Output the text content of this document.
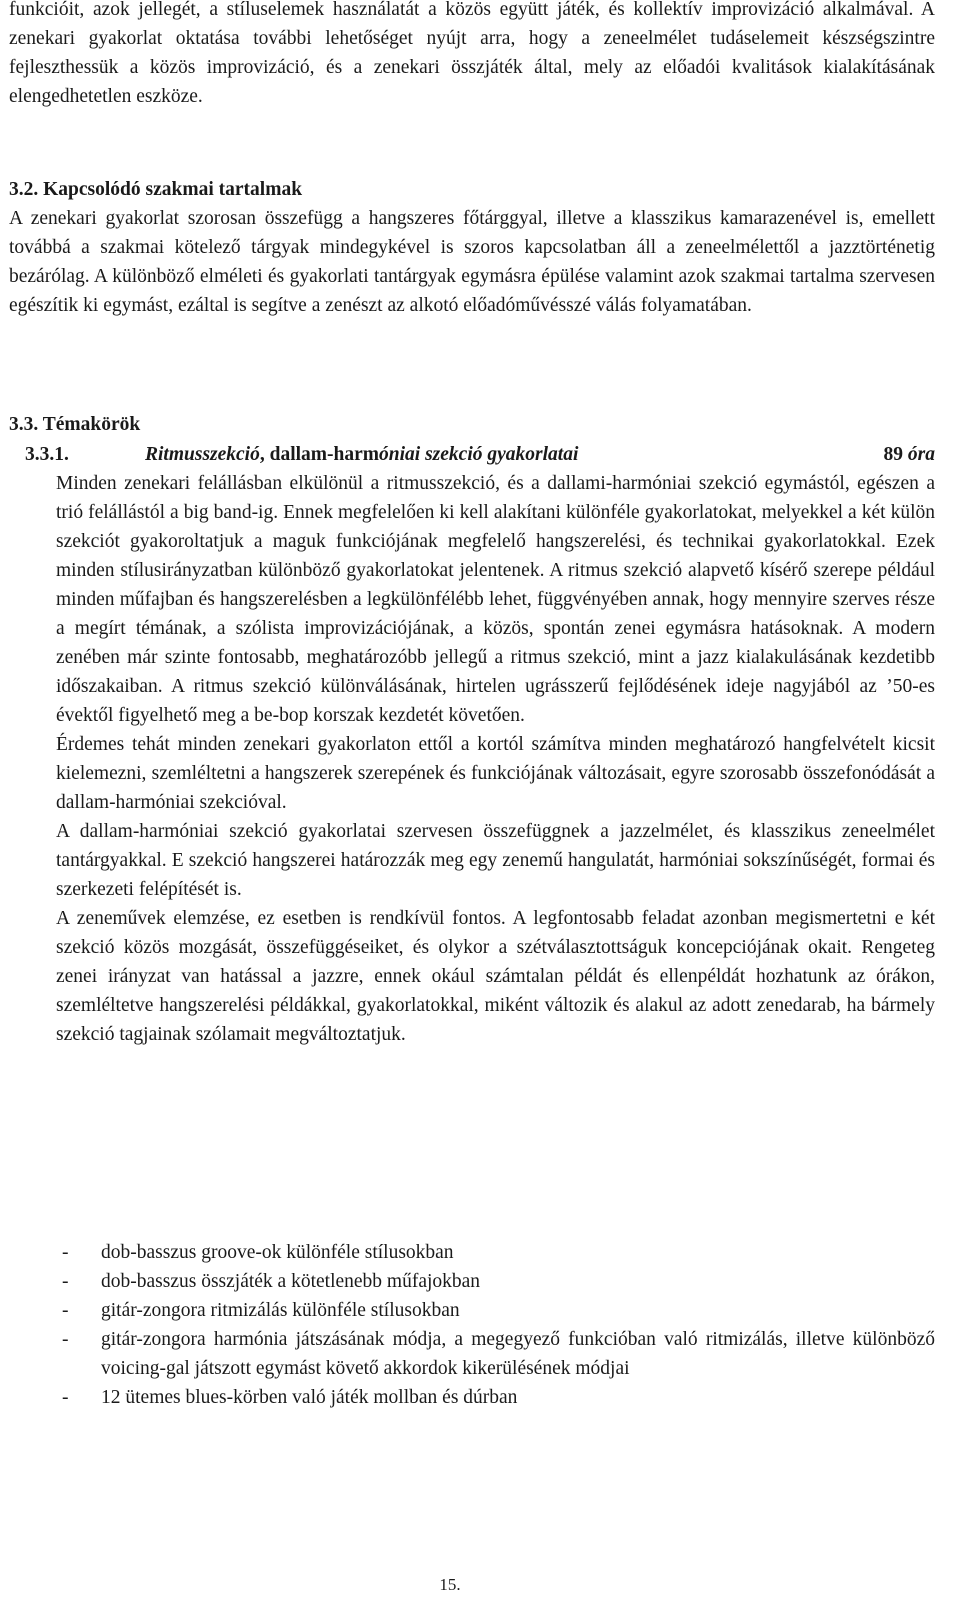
funkcióit, azok jellegét, a stíluselemek használatát a közös együtt játék, és kollektív improvizáció alkalmával. A zenekari gyakorlat oktatása további lehetőséget nyújt arra, hogy a zeneelmélet tudáselemeit készségszintre fejleszthessük a közös improvizáció, és a zenekari összjáték által, mely az előadói kvalitások kialakításának elengedhetetlen eszköze.

3.2. Kapcsolódó szakmai tartalmak

A zenekari gyakorlat szorosan összefügg a hangszeres főtárggyal, illetve a klasszikus kamarazenével is, emellett továbbá a szakmai kötelező tárgyak mindegykével is szoros kapcsolatban áll a zeneelmélettől a jazztörténetig bezárólag. A különböző elméleti és gyakorlati tantárgyak egymásra épülése valamint azok szakmai tartalma szervesen egészítik ki egymást, ezáltal is segítve a zenészt az alkotó előadóművésszé válás folyamatában.

3.3. Témakörök
3.3.1.	Ritmusszekció, dallam-harmóniai szekció gyakorlatai	89 óra

Minden zenekari felállásban elkülönül a ritmusszekció, és a dallami-harmóniai szekció egymástól, egészen a trió felállástól a big band-ig. Ennek megfelelően ki kell alakítani különféle gyakorlatokat, melyekkel a két külön szekciót gyakoroltatjuk a maguk funkciójának megfelelő hangszerelési, és technikai gyakorlatokkal. Ezek minden stílusirányzatban különböző gyakorlatokat jelentenek. A ritmus szekció alapvető kísérő szerepe például minden műfajban és hangszerelésben a legkülönfélébb lehet, függvényében annak, hogy mennyire szerves része a megírt témának, a szólista improvizációjának, a közös, spontán zenei egymásra hatásoknak. A modern zenében már szinte fontosabb, meghatározóbb jellegű a ritmus szekció, mint a jazz kialakulásának kezdetibb időszakaiban. A ritmus szekció különválásának, hirtelen ugrásszerű fejlődésének ideje nagyjából az ’50-es évektől figyelhető meg a be-bop korszak kezdetét követően.

Érdemes tehát minden zenekari gyakorlaton ettől a kortól számítva minden meghatározó hangfelvételt kicsit kielemezni, szemléltetni a hangszerek szerepének és funkciójának változásait, egyre szorosabb összefonódását a dallam-harmóniai szekcióval.

A dallam-harmóniai szekció gyakorlatai szervesen összefüggnek a jazzelmélet, és klasszikus zeneelmélet tantárgyakkal. E szekció hangszerei határozzák meg egy zenemű hangulatát, harmóniai sokszínűségét, formai és szerkezeti felépítését is.

A zeneművek elemzése, ez esetben is rendkívül fontos. A legfontosabb feladat azonban megismertetni e két szekció közös mozgását, összefüggéseiket, és olykor a szétválasztottságuk koncepciójának okait. Rengeteg zenei irányzat van hatással a jazzre, ennek okául számtalan példát és ellenpéldát hozhatunk az órákon, szemléltetve hangszerelési példákkal, gyakorlatokkal, miként változik és alakul az adott zenedarab, ha bármely szekció tagjainak szólamait megváltoztatjuk.

- dob-basszus groove-ok különféle stílusokban
- dob-basszus összjáték a kötetlenebb műfajokban
- gitár-zongora ritmizálás különféle stílusokban
- gitár-zongora harmónia játszásának módja, a megegyező funkcióban való ritmizálás, illetve különböző voicing-gal játszott egymást követő akkordok kikerülésének módjai
- 12 ütemes blues-körben való játék mollban és dúrban
15.
